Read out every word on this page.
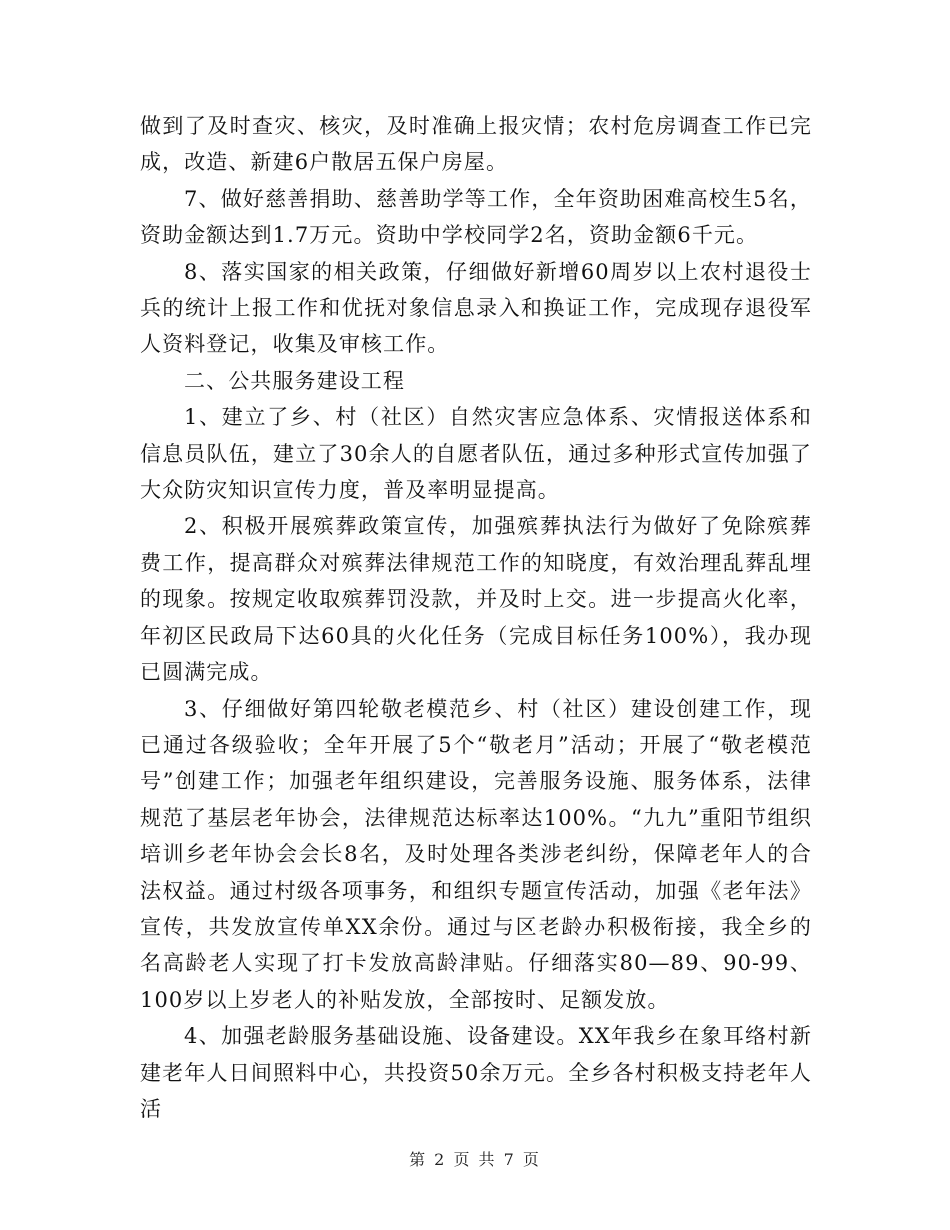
做到了及时查灾、核灾，及时准确上报灾情；农村危房调查工作已完成，改造、新建6户散居五保户房屋。

7、做好慈善捐助、慈善助学等工作，全年资助困难高校生5名，资助金额达到1.7万元。资助中学校同学2名，资助金额6千元。

8、落实国家的相关政策，仔细做好新增60周岁以上农村退役士兵的统计上报工作和优抚对象信息录入和换证工作，完成现存退役军人资料登记，收集及审核工作。

二、公共服务建设工程

1、建立了乡、村（社区）自然灾害应急体系、灾情报送体系和信息员队伍，建立了30余人的自愿者队伍，通过多种形式宣传加强了大众防灾知识宣传力度，普及率明显提高。

2、积极开展殡葬政策宣传，加强殡葬执法行为做好了免除殡葬费工作，提高群众对殡葬法律规范工作的知晓度，有效治理乱葬乱埋的现象。按规定收取殡葬罚没款，并及时上交。进一步提高火化率，年初区民政局下达60具的火化任务（完成目标任务100%），我办现已圆满完成。

3、仔细做好第四轮敬老模范乡、村（社区）建设创建工作，现已通过各级验收；全年开展了5个“敬老月”活动；开展了“敬老模范号”创建工作；加强老年组织建设，完善服务设施、服务体系，法律规范了基层老年协会，法律规范达标率达100%。“九九”重阳节组织培训乡老年协会会长8名，及时处理各类涉老纠纷，保障老年人的合法权益。通过村级各项事务，和组织专题宣传活动，加强《老年法》宣传，共发放宣传单XX余份。通过与区老龄办积极衔接，我全乡的名高龄老人实现了打卡发放高龄津贴。仔细落实80—89、90-99、100岁以上岁老人的补贴发放，全部按时、足额发放。

4、加强老龄服务基础设施、设备建设。XX年我乡在象耳络村新建老年人日间照料中心，共投资50余万元。全乡各村积极支持老年人活

第 2 页 共 7 页
